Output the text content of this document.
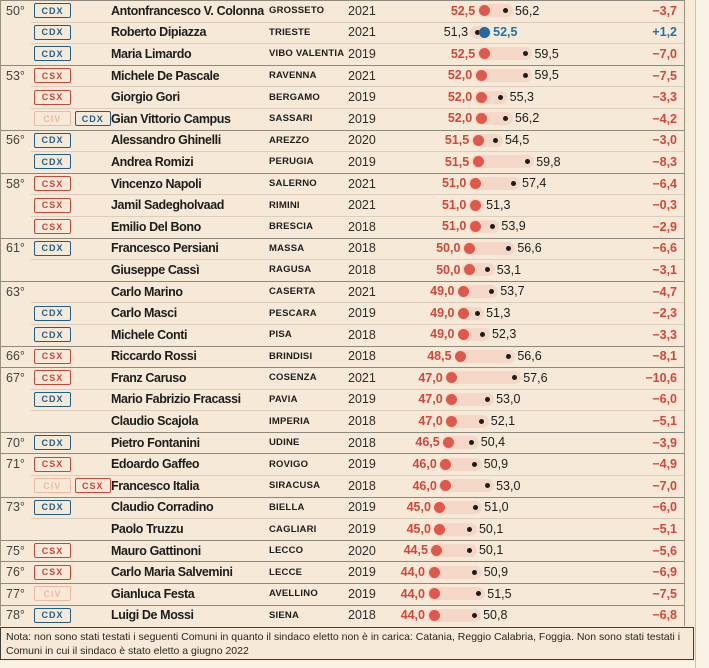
50°	CDX	Antonfrancesco V. Colonna GROSSETO	2021	52,5	56,2	−3,7
CDX	Roberto Dipiazza	TRIESTE	2021	51,3 52,5	+1,2
CDX	Maria Limardo	VIBO VALENTIA 2019	52,5	59,5	−7,0
53°	CSX	Michele De Pascale	RAVENNA	2021	52,0	59,5	−7,5
CSX	Giorgio Gori	BERGAMO	2019	52,0	55,3	−3,3
CIV	CDX Gian Vittorio Campus	SASSARI	2019	52,0	56,2	−4,2
56°	CDX	Alessandro Ghinelli	AREZZO	2020	51,5	54,5	−3,0
CDX	Andrea Romizi	PERUGIA	2019	51,5	59,8	−8,3
58°	CSX	Vincenzo Napoli	SALERNO	2021	51,0	57,4	−6,4
CSX	Jamil Sadegholvaad	RIMINI	2021	51,0 51,3	−0,3
CSX	Emilio Del Bono	BRESCIA	2018	51,0	53,9	−2,9
61°	CDX	Francesco Persiani	MASSA	2018	50,0	56,6	−6,6
Giuseppe Cassì	RAGUSA	2018	50,0	53,1	−3,1
63°	Carlo Marino	CASERTA	2021	49,0	53,7	−4,7
CDX	Carlo Masci	PESCARA	2019	49,0	51,3	−2,3
CDX	Michele Conti	PISA	2018	49,0	52,3	−3,3
66°	CSX	Riccardo Rossi	BRINDISI	2018	48,5	56,6	−8,1
67°	CSX	Franz Caruso	COSENZA	2021	47,0	57,6	−10,6
CDX	Mario Fabrizio Fracassi	PAVIA	2019	47,0	53,0	−6,0
Claudio Scajola	IMPERIA	2018	47,0	52,1	−5,1
70°	CDX	Pietro Fontanini	UDINE	2018	46,5	50,4	−3,9
71°	CSX	Edoardo Gaffeo	ROVIGO	2019	46,0	50,9	−4,9
CIV	CSX Francesco Italia	SIRACUSA	2018	46,0	53,0	−7,0
73°	CDX	Claudio Corradino	BIELLA	2019	45,0	51,0	−6,0
Paolo Truzzu	CAGLIARI	2019	45,0	50,1	−5,1
75°	CSX	Mauro Gattinoni	LECCO	2020	44,5	50,1	−5,6
76°	CSX	Carlo Maria Salvemini	LECCE	2019	44,0	50,9	−6,9
77°	CIV	Gianluca Festa	AVELLINO	2019	44,0	51,5	−7,5
78°	CDX	Luigi De Mossi	SIENA	2018	44,0	50,8	−6,8
Nota: non sono stati testati i seguenti Comuni in quanto il sindaco eletto non è in carica: Catania, Reggio Calabria, Foggia. Non sono stati testati i Comuni in cui il sindaco è stato eletto a giugno 2022
